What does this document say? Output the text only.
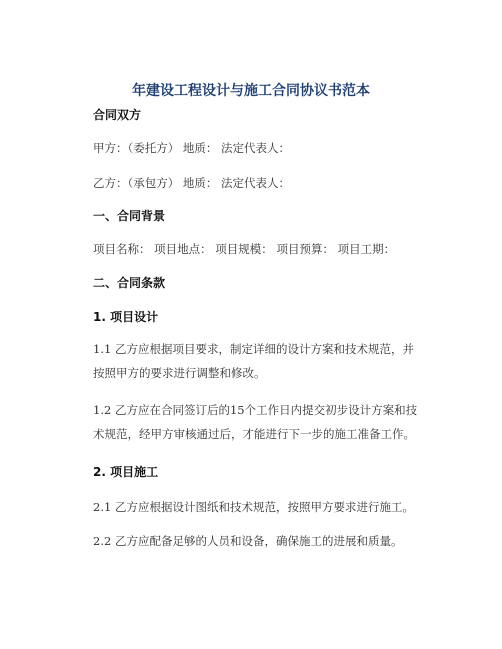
年建设工程设计与施工合同协议书范本
合同双方
甲方：（委托方） 地质： 法定代表人：
乙方：（承包方） 地质： 法定代表人：
一、合同背景
项目名称： 项目地点： 项目规模： 项目预算： 项目工期：
二、合同条款
1. 项目设计
1.1 乙方应根据项目要求，制定详细的设计方案和技术规范，并按照甲方的要求进行调整和修改。
1.2 乙方应在合同签订后的15个工作日内提交初步设计方案和技术规范，经甲方审核通过后，才能进行下一步的施工准备工作。
2. 项目施工
2.1 乙方应根据设计图纸和技术规范，按照甲方要求进行施工。
2.2 乙方应配备足够的人员和设备，确保施工的进展和质量。
